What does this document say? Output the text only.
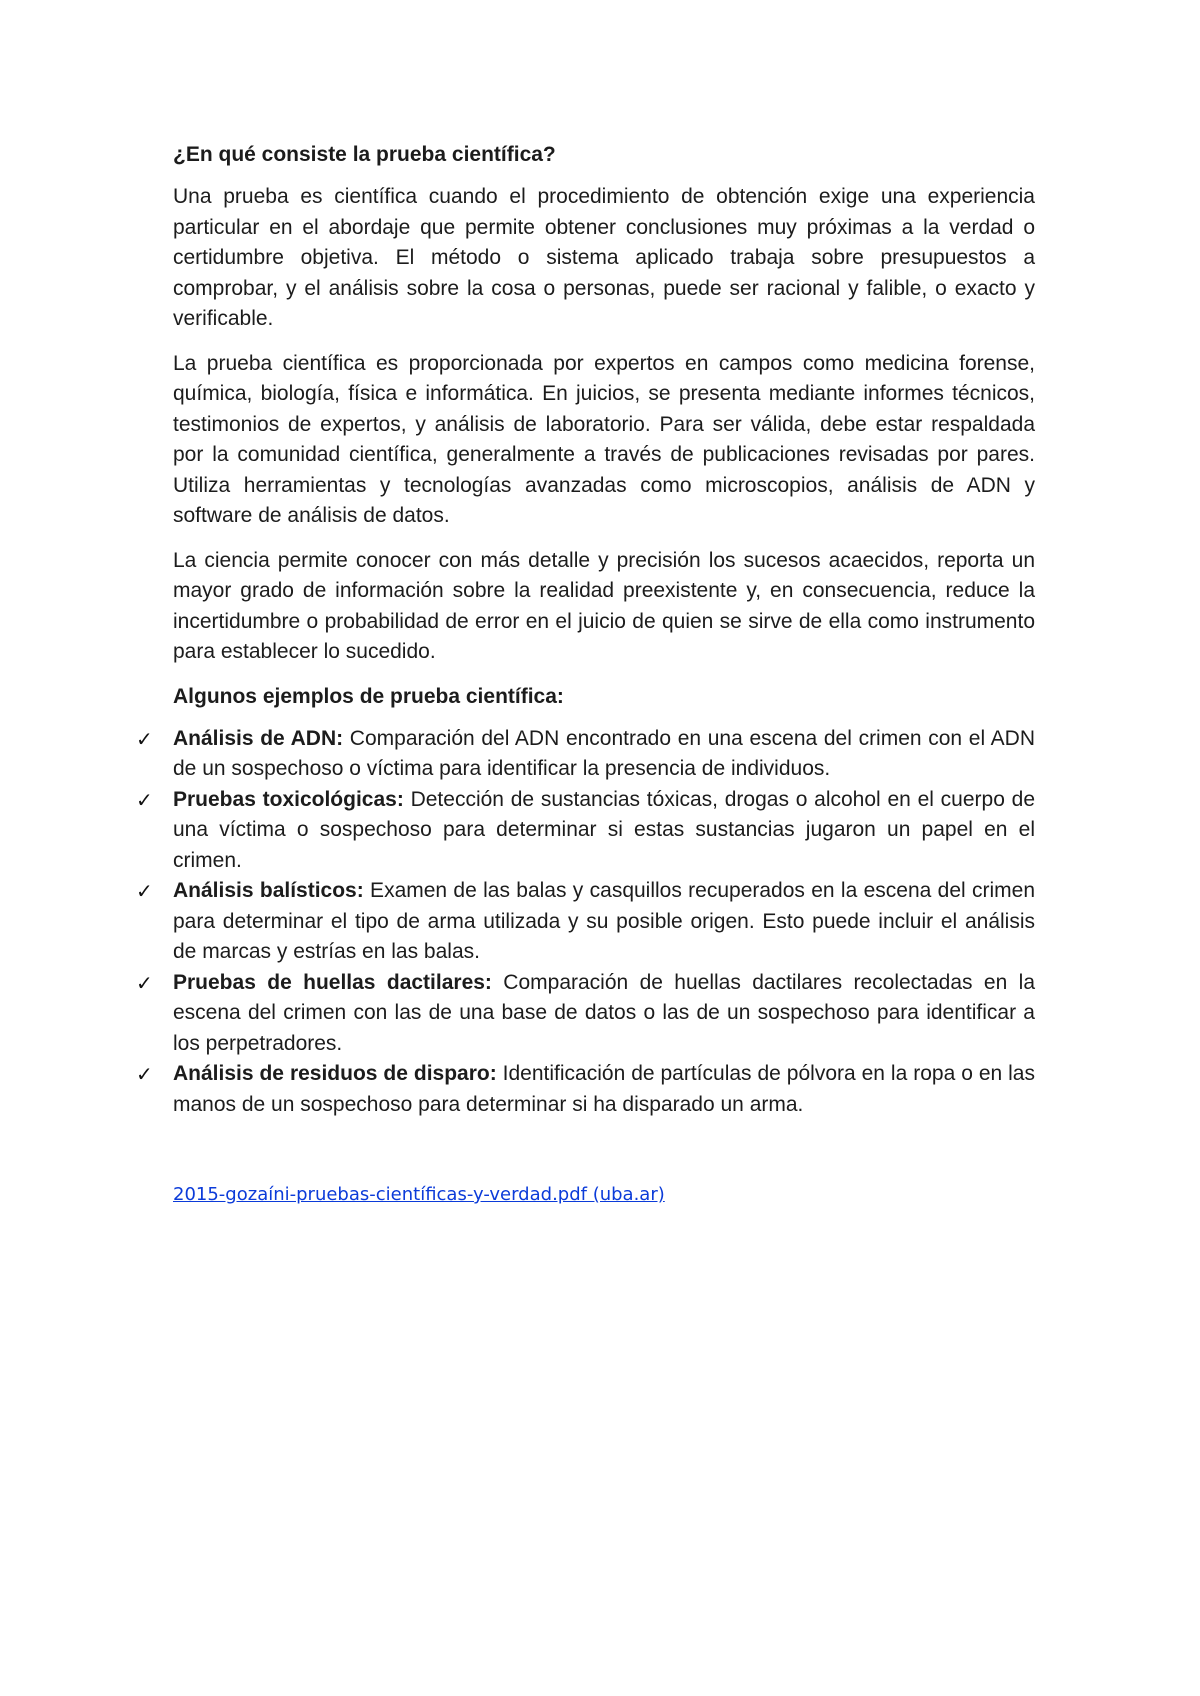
¿En qué consiste la prueba científica?

Una prueba es científica cuando el procedimiento de obtención exige una experiencia particular en el abordaje que permite obtener conclusiones muy próximas a la verdad o certidumbre objetiva. El método o sistema aplicado trabaja sobre presupuestos a comprobar, y el análisis sobre la cosa o personas, puede ser racional y falible, o exacto y verificable.

La prueba científica es proporcionada por expertos en campos como medicina forense, química, biología, física e informática. En juicios, se presenta mediante informes técnicos, testimonios de expertos, y análisis de laboratorio. Para ser válida, debe estar respaldada por la comunidad científica, generalmente a través de publicaciones revisadas por pares. Utiliza herramientas y tecnologías avanzadas como microscopios, análisis de ADN y software de análisis de datos.

La ciencia permite conocer con más detalle y precisión los sucesos acaecidos, reporta un mayor grado de información sobre la realidad preexistente y, en consecuencia, reduce la incertidumbre o probabilidad de error en el juicio de quien se sirve de ella como instrumento para establecer lo sucedido.

Algunos ejemplos de prueba científica:
✓ Análisis de ADN: Comparación del ADN encontrado en una escena del crimen con el ADN de un sospechoso o víctima para identificar la presencia de individuos.
✓ Pruebas toxicológicas: Detección de sustancias tóxicas, drogas o alcohol en el cuerpo de una víctima o sospechoso para determinar si estas sustancias jugaron un papel en el crimen.
✓ Análisis balísticos: Examen de las balas y casquillos recuperados en la escena del crimen para determinar el tipo de arma utilizada y su posible origen. Esto puede incluir el análisis de marcas y estrías en las balas.
✓ Pruebas de huellas dactilares: Comparación de huellas dactilares recolectadas en la escena del crimen con las de una base de datos o las de un sospechoso para identificar a los perpetradores.
✓ Análisis de residuos de disparo: Identificación de partículas de pólvora en la ropa o en las manos de un sospechoso para determinar si ha disparado un arma.
2015-gozaíni-pruebas-científicas-y-verdad.pdf (uba.ar)
